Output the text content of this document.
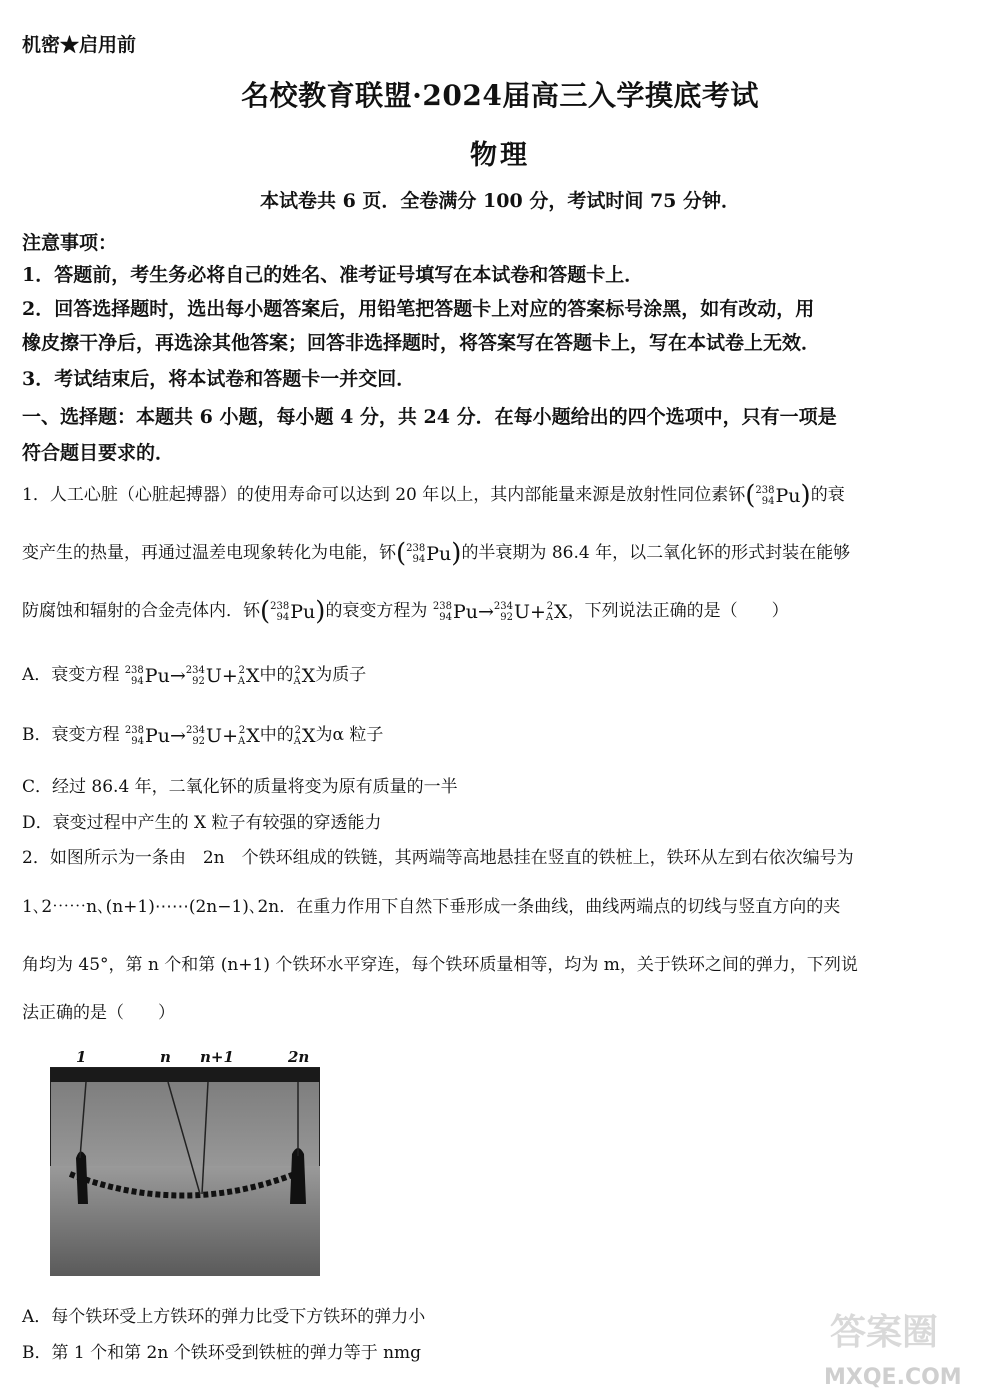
机密★启用前
名校教育联盟·2024届高三入学摸底考试
物理
本试卷共 6 页．全卷满分 100 分，考试时间 75 分钟．
注意事项：
1．答题前，考生务必将自己的姓名、准考证号填写在本试卷和答题卡上．
2．回答选择题时，选出每小题答案后，用铅笔把答题卡上对应的答案标号涂黑，如有改动，用
橡皮擦干净后，再选涂其他答案；回答非选择题时，将答案写在答题卡上，写在本试卷上无效．
3．考试结束后，将本试卷和答题卡一并交回．
一、选择题：本题共 6 小题，每小题 4 分，共 24 分．在每小题给出的四个选项中，只有一项是
符合题目要求的．
1．人工心脏（心脏起搏器）的使用寿命可以达到 20 年以上，其内部能量来源是放射性同位素钚( 238
94 Pu)的衰
变产生的热量，再通过温差电现象转化为电能，钚( 238
94 Pu)的半衰期为 86.4 年，以二氧化钚的形式封装在能够
防腐蚀和辐射的合金壳体内．钚( 238
94 Pu)的衰变方程为 238
94 Pu→ 234
92 U+ 2
A X，下列说法正确的是（　　）
A．衰变方程 238
94 Pu→ 234
92 U+ 2
A X中的 2
A X为质子
B．衰变方程 238
94 Pu→ 234
92 U+ 2
A X中的 2
A X为α 粒子
C．经过 86.4 年，二氧化钚的质量将变为原有质量的一半
D．衰变过程中产生的 X 粒子有较强的穿透能力
2．如图所示为一条由　2n　个铁环组成的铁链，其两端等高地悬挂在竖直的铁桩上，铁环从左到右依次编号为
1､2⋯⋯n､(n+1)⋯⋯(2n−1)､2n．在重力作用下自然下垂形成一条曲线，曲线两端点的切线与竖直方向的夹
角均为 45°，第 n 个和第 (n+1) 个铁环水平穿连，每个铁环质量相等，均为 m，关于铁环之间的弹力，下列说
法正确的是（　　）
1	n n+1	2n
A．每个铁环受上方铁环的弹力比受下方铁环的弹力小
B．第 1 个和第 2n 个铁环受到铁桩的弹力等于 nmg	答案圈
MXQE.COM
